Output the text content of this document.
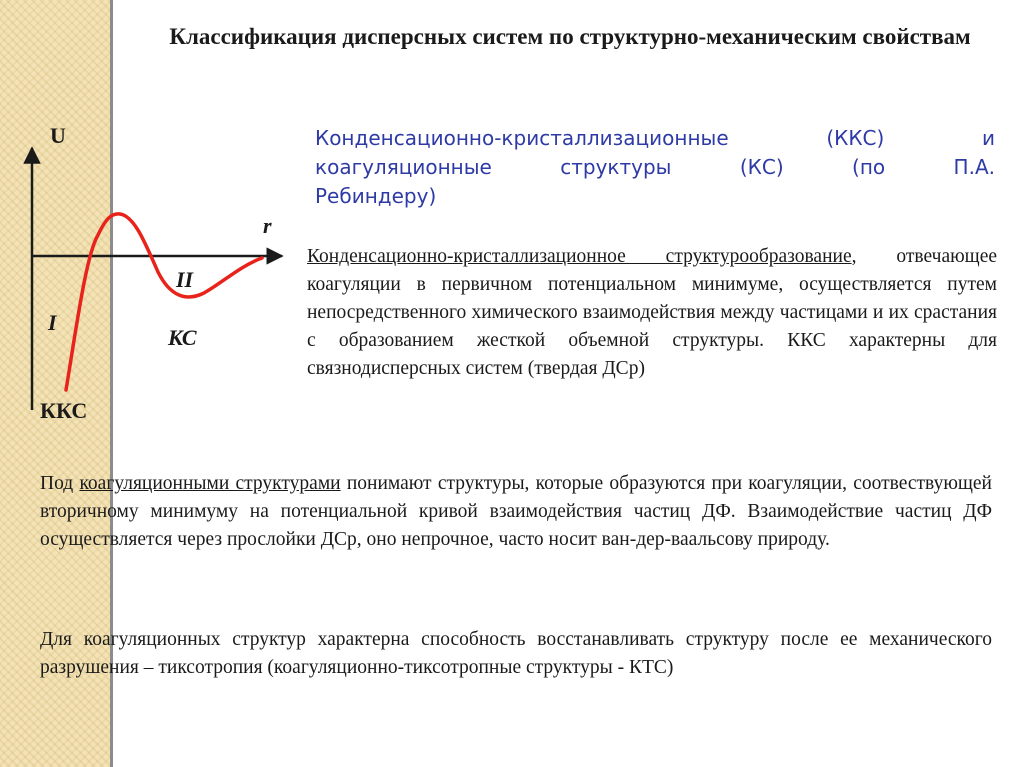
Классификация дисперсных систем по структурно-механическим свойствам
Конденсационно-кристаллизационные (ККС) и коагуляционные структуры (КС) (по П.А.
Ребиндеру)
U
r
I
II
КС
ККС

Конденсационно-кристаллизационное структурообразование, отвечающее коагуляции в первичном потенциальном минимуме, осуществляется путем непосредственного химического взаимодействия между частицами и их срастания с образованием жесткой объемной структуры. ККС характерны для связнодисперсных систем (твердая ДСр)

Под коагуляционными структурами понимают структуры, которые образуются при коагуляции, соотвествующей вторичному минимуму на потенциальной кривой взаимодействия частиц ДФ. Взаимодействие частиц ДФ осуществляется через прослойки ДСр, оно непрочное, часто носит ван-дер-ваальсову природу.

Для коагуляционных структур характерна способность восстанавливать структуру после ее механического разрушения – тиксотропия (коагуляционно-тиксотропные структуры - КТС)
